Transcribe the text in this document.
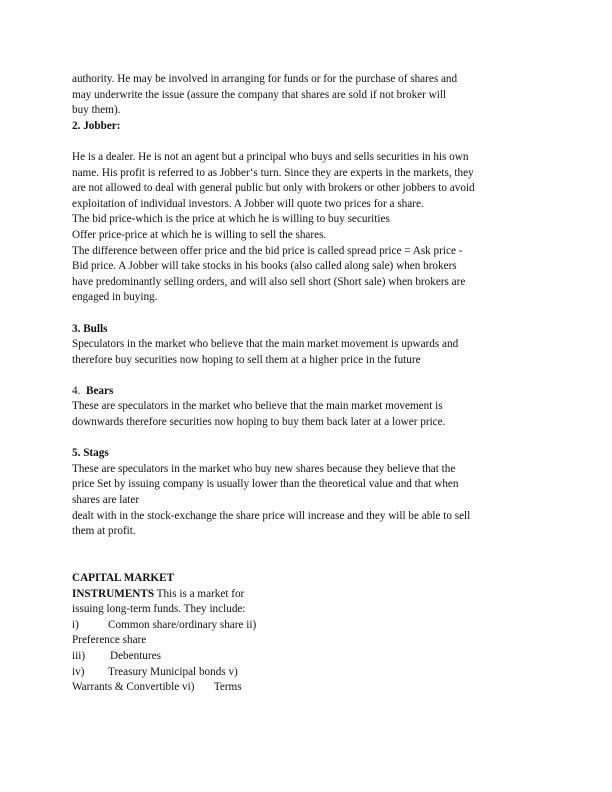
authority. He may be involved in arranging for funds or for the purchase of shares and
may underwrite the issue (assure the company that shares are sold if not broker will
buy them).
2. Jobber:
He is a dealer. He is not an agent but a principal who buys and sells securities in his own
name. His profit is referred to as Jobber‘s turn. Since they are experts in the markets, they
are not allowed to deal with general public but only with brokers or other jobbers to avoid
exploitation of individual investors. A Jobber will quote two prices for a share.
The bid price-which is the price at which he is willing to buy securities
Offer price-price at which he is willing to sell the shares.
The difference between offer price and the bid price is called spread price = Ask price -
Bid price. A Jobber will take stocks in his books (also called along sale) when brokers
have predominantly selling orders, and will also sell short (Short sale) when brokers are
engaged in buying.
3. Bulls
Speculators in the market who believe that the main market movement is upwards and
therefore buy securities now hoping to sell them at a higher price in the future
4. Bears
These are speculators in the market who believe that the main market movement is
downwards therefore securities now hoping to buy them back later at a lower price.
5. Stags
These are speculators in the market who buy new shares because they believe that the
price Set by issuing company is usually lower than the theoretical value and that when
shares are later
dealt with in the stock-exchange the share price will increase and they will be able to sell
them at profit.
CAPITAL MARKET
INSTRUMENTS This is a market for
issuing long-term funds. They include:
i)	Common share/ordinary share ii)
Preference share
iii) Debentures
iv) Treasury Municipal bonds v)
Warrants & Convertible vi)       Terms
